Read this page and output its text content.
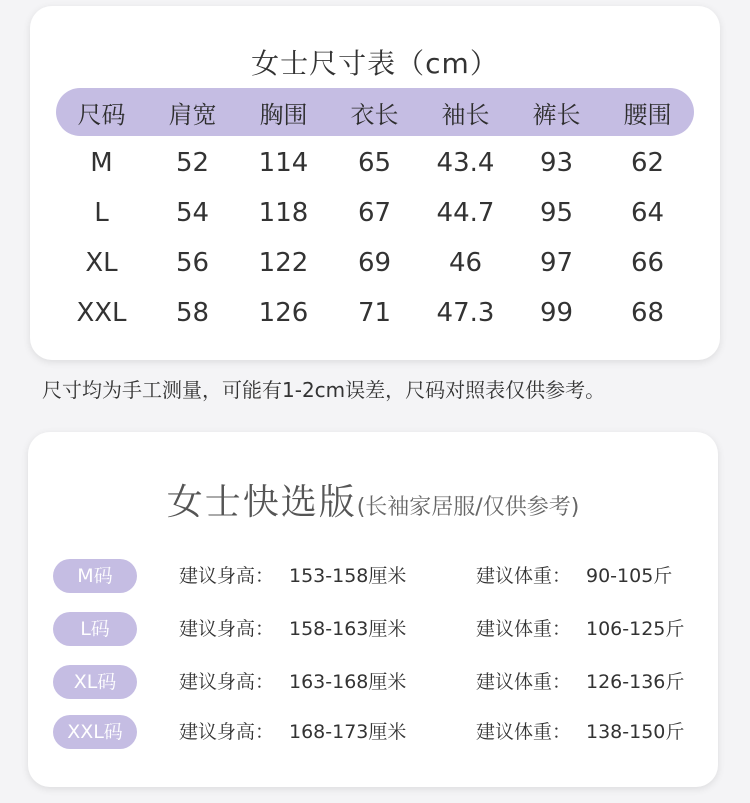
女士尺寸表（cm）
尺码	肩宽	胸围	衣长	袖长	裤长	腰围
M	52	114	65	43.4	93	62
L	54	118	67	44.7	95	64
XL	56	122	69	46	97	66
XXL	58	126	71	47.3	99	68
尺寸均为手工测量，可能有1-2cm误差，尺码对照表仅供参考。
女士快选版(长袖家居服/仅供参考)
M码	建议身高： 153-158厘米	建议体重： 90-105斤
L码	建议身高： 158-163厘米	建议体重： 106-125斤
XL码	建议身高： 163-168厘米	建议体重： 126-136斤
XXL码	建议身高： 168-173厘米	建议体重： 138-150斤
